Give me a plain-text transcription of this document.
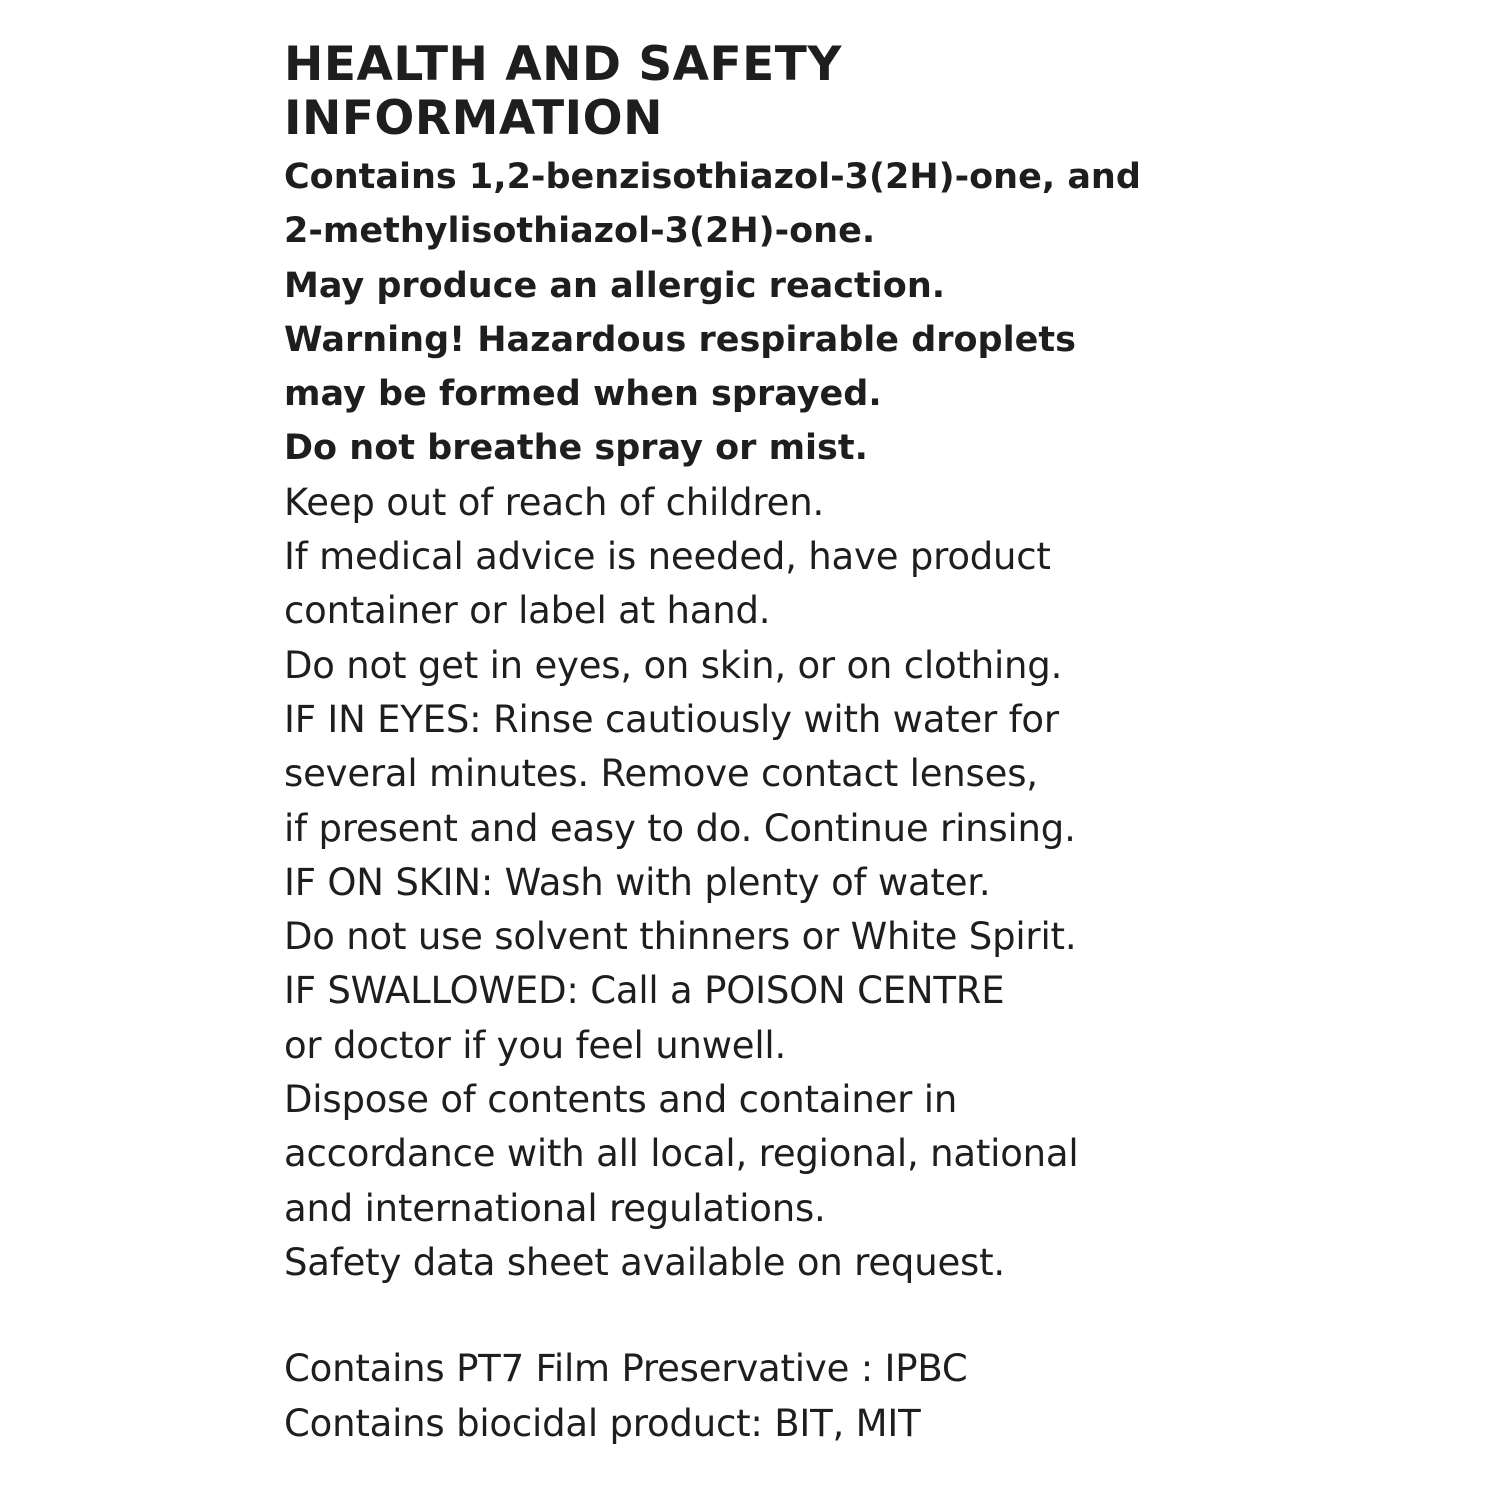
HEALTH AND SAFETY
INFORMATION
Contains 1,2-benzisothiazol-3(2H)-one, and
2-methylisothiazol-3(2H)-one.
May produce an allergic reaction.
Warning! Hazardous respirable droplets
may be formed when sprayed.
Do not breathe spray or mist.
Keep out of reach of children.
If medical advice is needed, have product
container or label at hand.
Do not get in eyes, on skin, or on clothing.
IF IN EYES: Rinse cautiously with water for
several minutes. Remove contact lenses,
if present and easy to do. Continue rinsing.
IF ON SKIN: Wash with plenty of water.
Do not use solvent thinners or White Spirit.
IF SWALLOWED: Call a POISON CENTRE
or doctor if you feel unwell.
Dispose of contents and container in
accordance with all local, regional, national
and international regulations.
Safety data sheet available on request.
Contains PT7 Film Preservative : IPBC
Contains biocidal product: BIT, MIT
